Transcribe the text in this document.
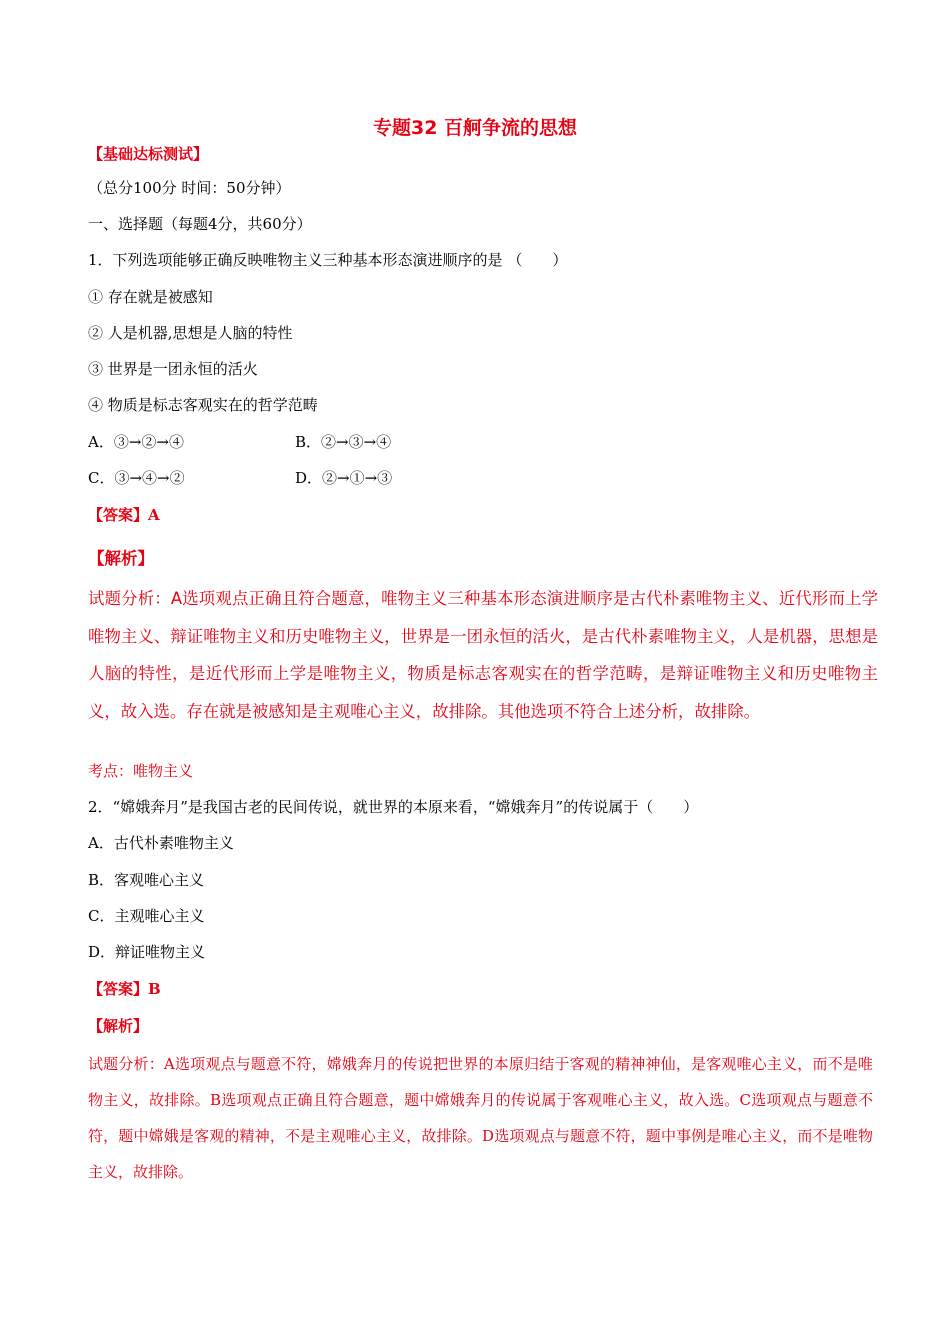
专题32 百舸争流的思想
【基础达标测试】
（总分100分 时间：50分钟）
一、选择题（每题4分，共60分）
1．下列选项能够正确反映唯物主义三种基本形态演进顺序的是 （　　）
① 存在就是被感知
② 人是机器,思想是人脑的特性
③ 世界是一团永恒的活火
④ 物质是标志客观实在的哲学范畴
A．③→②→④	B．②→③→④
C．③→④→②	D．②→①→③
【答案】A
【解析】
试题分析：A选项观点正确且符合题意，唯物主义三种基本形态演进顺序是古代朴素唯物主义、近代形而上学唯物主义、辩证唯物主义和历史唯物主义，世界是一团永恒的活火，是古代朴素唯物主义，人是机器，思想是人脑的特性，是近代形而上学是唯物主义，物质是标志客观实在的哲学范畴，是辩证唯物主义和历史唯物主义，故入选。存在就是被感知是主观唯心主义，故排除。其他选项不符合上述分析，故排除。
考点：唯物主义
2．“嫦娥奔月”是我国古老的民间传说，就世界的本原来看，“嫦娥奔月”的传说属于（　　）
A．古代朴素唯物主义
B．客观唯心主义
C．主观唯心主义
D．辩证唯物主义
【答案】B
【解析】
试题分析：A选项观点与题意不符，嫦娥奔月的传说把世界的本原归结于客观的精神神仙，是客观唯心主义，而不是唯物主义，故排除。B选项观点正确且符合题意，题中嫦娥奔月的传说属于客观唯心主义，故入选。C选项观点与题意不符，题中嫦娥是客观的精神，不是主观唯心主义，故排除。D选项观点与题意不符，题中事例是唯心主义，而不是唯物主义，故排除。
